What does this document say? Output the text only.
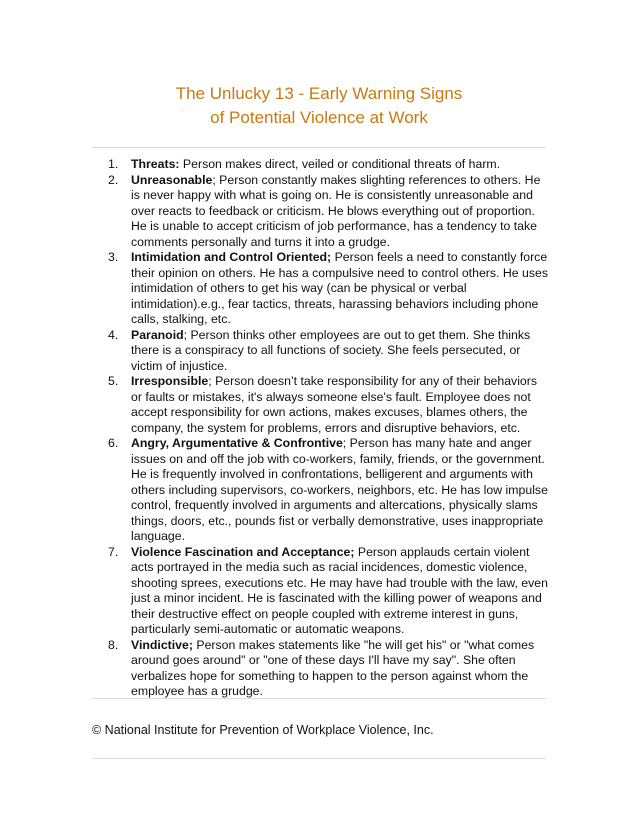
The Unlucky 13 - Early Warning Signs
of Potential Violence at Work
1. Threats: Person makes direct, veiled or conditional threats of harm.
2. Unreasonable; Person constantly makes slighting references to others. He is never happy with what is going on. He is consistently unreasonable and over reacts to feedback or criticism. He blows everything out of proportion. He is unable to accept criticism of job performance, has a tendency to take comments personally and turns it into a grudge.
3. Intimidation and Control Oriented; Person feels a need to constantly force their opinion on others. He has a compulsive need to control others. He uses intimidation of others to get his way (can be physical or verbal intimidation).e.g., fear tactics, threats, harassing behaviors including phone calls, stalking, etc.
4. Paranoid; Person thinks other employees are out to get them. She thinks there is a conspiracy to all functions of society. She feels persecuted, or victim of injustice.
5. Irresponsible; Person doesn’t take responsibility for any of their behaviors or faults or mistakes, it's always someone else's fault. Employee does not accept responsibility for own actions, makes excuses, blames others, the company, the system for problems, errors and disruptive behaviors, etc.
6. Angry, Argumentative & Confrontive; Person has many hate and anger issues on and off the job with co-workers, family, friends, or the government. He is frequently involved in confrontations, belligerent and arguments with others including supervisors, co-workers, neighbors, etc. He has low impulse control, frequently involved in arguments and altercations, physically slams things, doors, etc., pounds fist or verbally demonstrative, uses inappropriate language.
7. Violence Fascination and Acceptance; Person applauds certain violent acts portrayed in the media such as racial incidences, domestic violence, shooting sprees, executions etc. He may have had trouble with the law, even just a minor incident. He is fascinated with the killing power of weapons and their destructive effect on people coupled with extreme interest in guns, particularly semi-automatic or automatic weapons.
8. Vindictive; Person makes statements like "he will get his" or "what comes around goes around" or "one of these days I'll have my say". She often verbalizes hope for something to happen to the person against whom the employee has a grudge.
© National Institute for Prevention of Workplace Violence, Inc.
